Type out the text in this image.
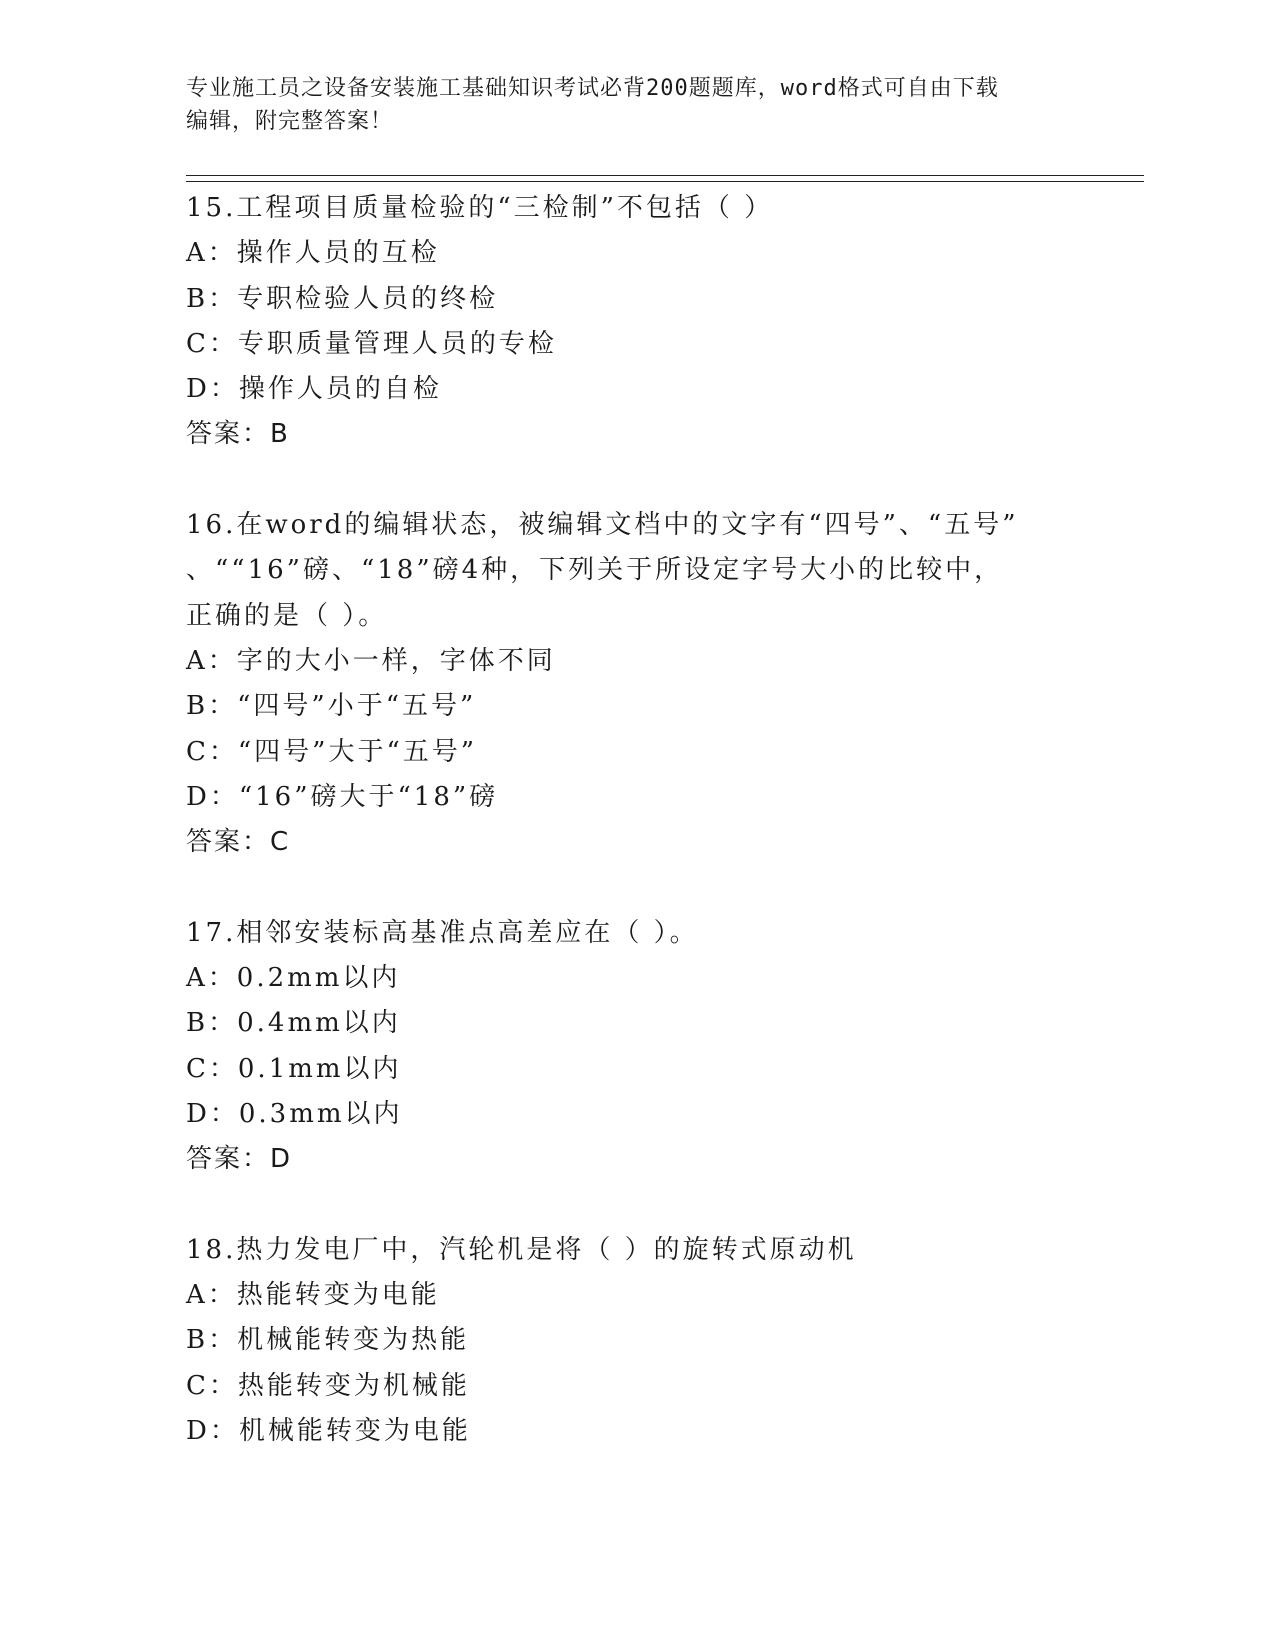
专业施工员之设备安装施工基础知识考试必背200题题库，word格式可自由下载
编辑，附完整答案！
15.工程项目质量检验的“三检制”不包括（ ）
A：操作人员的互检
B：专职检验人员的终检
C：专职质量管理人员的专检
D：操作人员的自检
答案：B
16.在word的编辑状态，被编辑文档中的文字有“四号”、“五号”
、““16”磅、“18”磅4种，下列关于所设定字号大小的比较中，
正确的是（ ）。
A：字的大小一样，字体不同
B：“四号”小于“五号”
C：“四号”大于“五号”
D：“16”磅大于“18”磅
答案：C
17.相邻安装标高基准点高差应在（ ）。
A：0.2mm以内
B：0.4mm以内
C：0.1mm以内
D：0.3mm以内
答案：D
18.热力发电厂中，汽轮机是将（ ）的旋转式原动机
A：热能转变为电能
B：机械能转变为热能
C：热能转变为机械能
D：机械能转变为电能
